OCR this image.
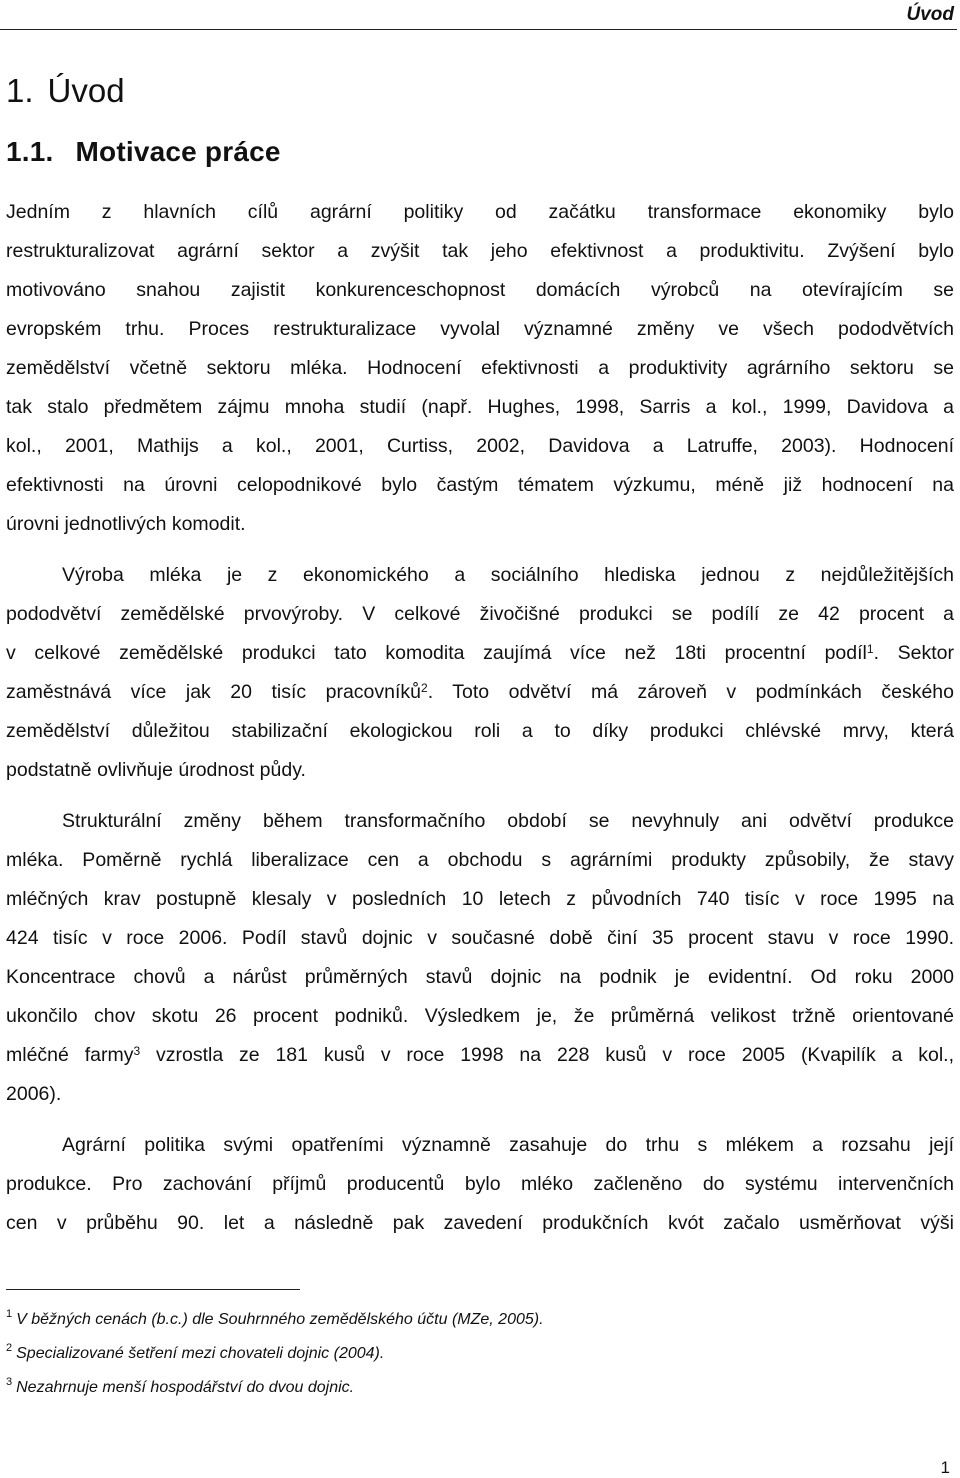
Úvod
1. Úvod
1.1. Motivace práce
Jedním z hlavních cílů agrární politiky od začátku transformace ekonomiky bylo
restrukturalizovat agrární sektor a zvýšit tak jeho efektivnost a produktivitu. Zvýšení bylo
motivováno snahou zajistit konkurenceschopnost domácích výrobců na otevírajícím se
evropském trhu. Proces restrukturalizace vyvolal významné změny ve všech pododvětvích
zemědělství včetně sektoru mléka. Hodnocení efektivnosti a produktivity agrárního sektoru se
tak stalo předmětem zájmu mnoha studií (např. Hughes, 1998, Sarris a kol., 1999, Davidova a
kol., 2001, Mathijs a kol., 2001, Curtiss, 2002, Davidova a Latruffe, 2003). Hodnocení
efektivnosti na úrovni celopodnikové bylo častým tématem výzkumu, méně již hodnocení na
úrovni jednotlivých komodit.
Výroba mléka je z ekonomického a sociálního hlediska jednou z nejdůležitějších
pododvětví zemědělské prvovýroby. V celkové živočišné produkci se podílí ze 42 procent a
v celkové zemědělské produkci tato komodita zaujímá více než 18ti procentní podíl$^1$. Sektor
zaměstnává více jak 20 tisíc pracovníků$^2$. Toto odvětví má zároveň v podmínkách českého
zemědělství důležitou stabilizační ekologickou roli a to díky produkci chlévské mrvy, která
podstatně ovlivňuje úrodnost půdy.
Strukturální změny během transformačního období se nevyhnuly ani odvětví produkce
mléka. Poměrně rychlá liberalizace cen a obchodu s agrárními produkty způsobily, že stavy
mléčných krav postupně klesaly v posledních 10 letech z původních 740 tisíc v roce 1995 na
424 tisíc v roce 2006. Podíl stavů dojnic v současné době činí 35 procent stavu v roce 1990.
Koncentrace chovů a nárůst průměrných stavů dojnic na podnik je evidentní. Od roku 2000
ukončilo chov skotu 26 procent podniků. Výsledkem je, že průměrná velikost tržně orientované
mléčné farmy$^3$ vzrostla ze 181 kusů v roce 1998 na 228 kusů v roce 2005 (Kvapilík a kol.,
2006).
Agrární politika svými opatřeními významně zasahuje do trhu s mlékem a rozsahu její
produkce. Pro zachování příjmů producentů bylo mléko začleněno do systému intervenčních
cen v průběhu 90. let a následně pak zavedení produkčních kvót začalo usměrňovat výši
$^1$ V běžných cenách (b.c.) dle Souhrnného zemědělského účtu (MZe, 2005).
$^2$ Specializované šetření mezi chovateli dojnic (2004).
$^3$ Nezahrnuje menší hospodářství do dvou dojnic.
1
